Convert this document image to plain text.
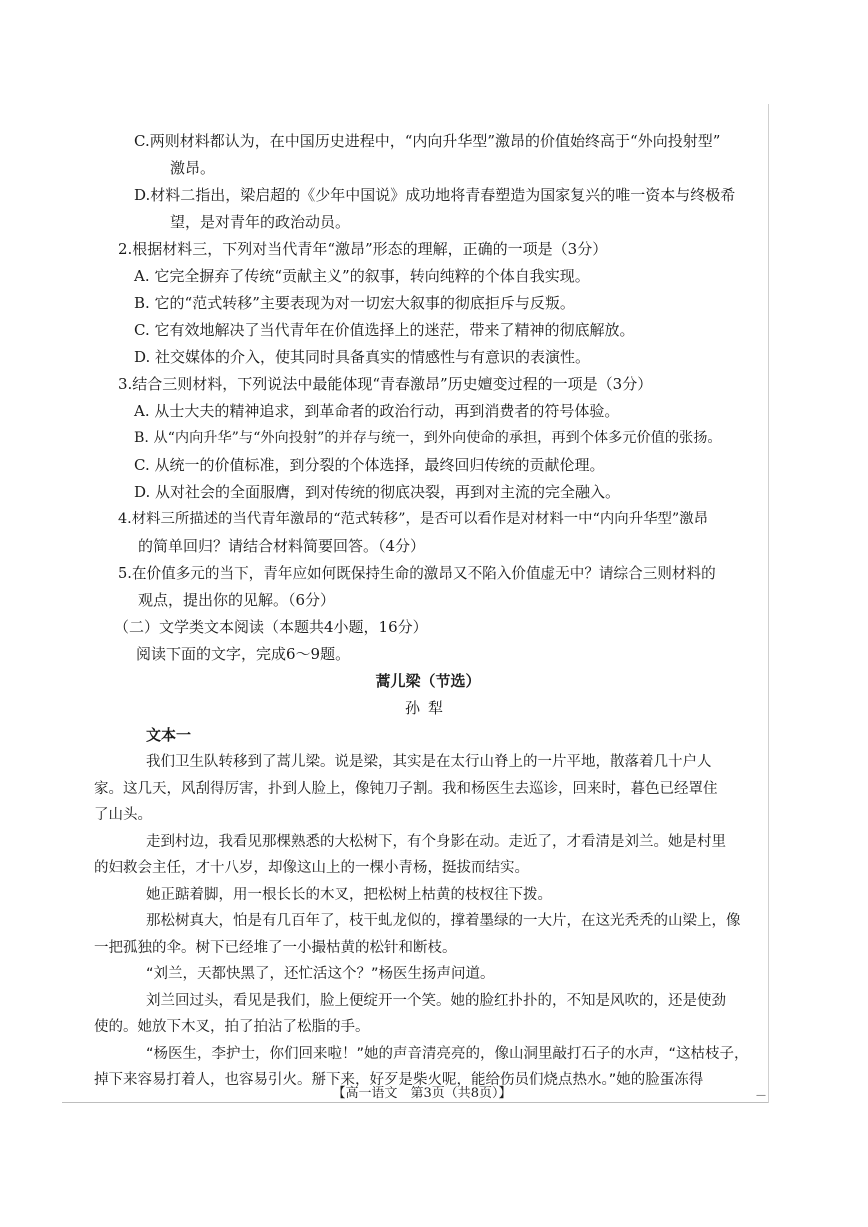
C.两则材料都认为，在中国历史进程中，“内向升华型”激昂的价值始终高于“外向投射型”
激昂。
D.材料二指出，梁启超的《少年中国说》成功地将青春塑造为国家复兴的唯一资本与终极希
望，是对青年的政治动员。
2.根据材料三，下列对当代青年“激昂”形态的理解，正确的一项是（3分）
A. 它完全摒弃了传统“贡献主义”的叙事，转向纯粹的个体自我实现。
B. 它的“范式转移”主要表现为对一切宏大叙事的彻底拒斥与反叛。
C. 它有效地解决了当代青年在价值选择上的迷茫，带来了精神的彻底解放。
D. 社交媒体的介入，使其同时具备真实的情感性与有意识的表演性。
3.结合三则材料，下列说法中最能体现“青春激昂”历史嬗变过程的一项是（3分）
A. 从士大夫的精神追求，到革命者的政治行动，再到消费者的符号体验。
B. 从“内向升华”与“外向投射”的并存与统一，到外向使命的承担，再到个体多元价值的张扬。
C. 从统一的价值标准，到分裂的个体选择，最终回归传统的贡献伦理。
D. 从对社会的全面服膺，到对传统的彻底决裂，再到对主流的完全融入。
4.材料三所描述的当代青年激昂的“范式转移”，是否可以看作是对材料一中“内向升华型”激昂
的简单回归？请结合材料简要回答。（4分）
5.在价值多元的当下，青年应如何既保持生命的激昂又不陷入价值虚无中？请综合三则材料的
观点，提出你的见解。（6分）
（二）文学类文本阅读（本题共4小题，16分）
阅读下面的文字，完成6～9题。
蒿儿梁（节选）
孙犁
文本一
我们卫生队转移到了蒿儿梁。说是梁，其实是在太行山脊上的一片平地，散落着几十户人
家。这几天，风刮得厉害，扑到人脸上，像钝刀子割。我和杨医生去巡诊，回来时，暮色已经罩住
了山头。
走到村边，我看见那棵熟悉的大松树下，有个身影在动。走近了，才看清是刘兰。她是村里
的妇救会主任，才十八岁，却像这山上的一棵小青杨，挺拔而结实。
她正踮着脚，用一根长长的木叉，把松树上枯黄的枝杈往下拨。
那松树真大，怕是有几百年了，枝干虬龙似的，撑着墨绿的一大片，在这光秃秃的山梁上，像
一把孤独的伞。树下已经堆了一小撮枯黄的松针和断枝。
“刘兰，天都快黑了，还忙活这个？”杨医生扬声问道。
刘兰回过头，看见是我们，脸上便绽开一个笑。她的脸红扑扑的，不知是风吹的，还是使劲
使的。她放下木叉，拍了拍沾了松脂的手。
“杨医生，李护士，你们回来啦！”她的声音清亮亮的，像山洞里敲打石子的水声，“这枯枝子，
掉下来容易打着人，也容易引火。掰下来，好歹是柴火呢，能给伤员们烧点热水。”她的脸蛋冻得
【高一语文　第3页（共8页）】	—
